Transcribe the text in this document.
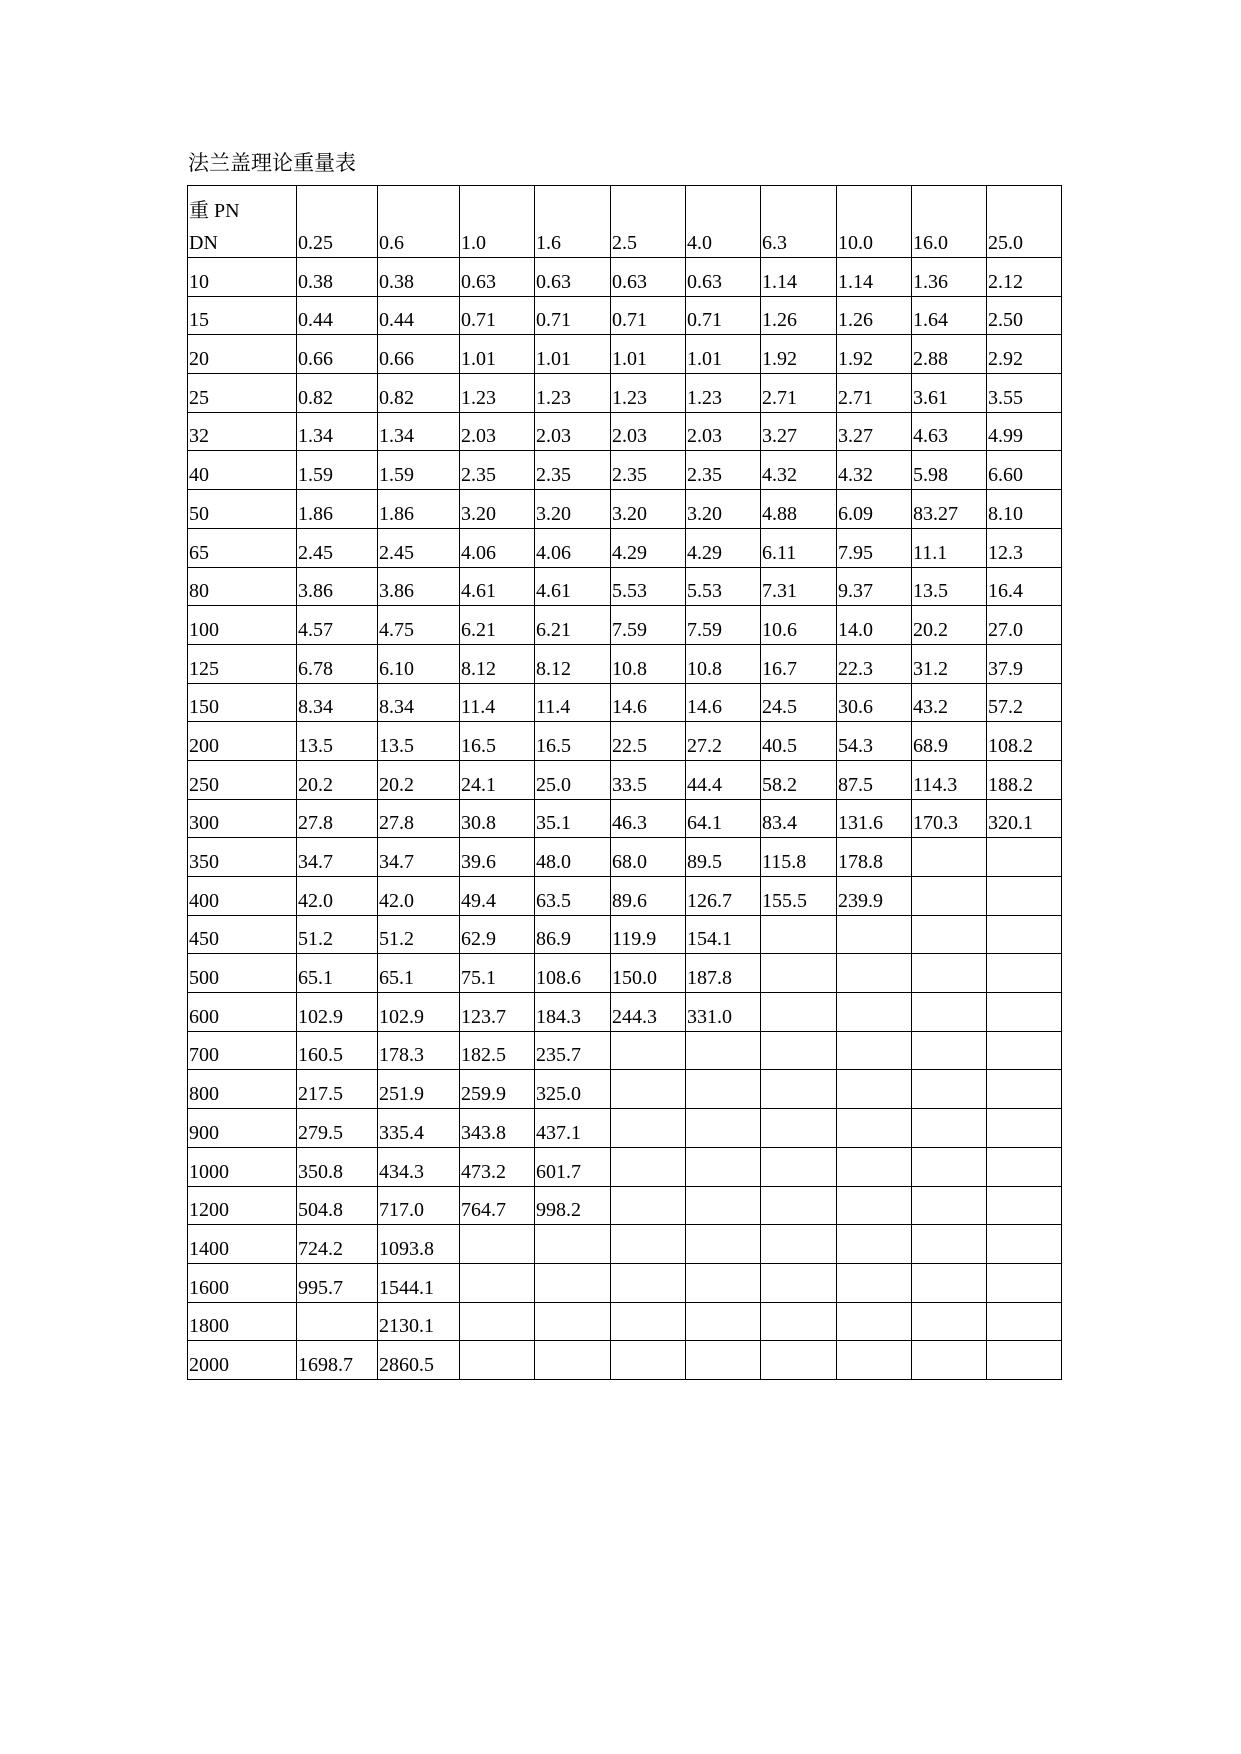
法兰盖理论重量表
重 PN
DN	0.25	0.6	1.0	1.6	2.5	4.0	6.3	10.0	16.0	25.0
10	0.38	0.38	0.63	0.63	0.63	0.63	1.14	1.14	1.36	2.12
15	0.44	0.44	0.71	0.71	0.71	0.71	1.26	1.26	1.64	2.50
20	0.66	0.66	1.01	1.01	1.01	1.01	1.92	1.92	2.88	2.92
25	0.82	0.82	1.23	1.23	1.23	1.23	2.71	2.71	3.61	3.55
32	1.34	1.34	2.03	2.03	2.03	2.03	3.27	3.27	4.63	4.99
40	1.59	1.59	2.35	2.35	2.35	2.35	4.32	4.32	5.98	6.60
50	1.86	1.86	3.20	3.20	3.20	3.20	4.88	6.09	83.27	8.10
65	2.45	2.45	4.06	4.06	4.29	4.29	6.11	7.95	11.1	12.3
80	3.86	3.86	4.61	4.61	5.53	5.53	7.31	9.37	13.5	16.4
100	4.57	4.75	6.21	6.21	7.59	7.59	10.6	14.0	20.2	27.0
125	6.78	6.10	8.12	8.12	10.8	10.8	16.7	22.3	31.2	37.9
150	8.34	8.34	11.4	11.4	14.6	14.6	24.5	30.6	43.2	57.2
200	13.5	13.5	16.5	16.5	22.5	27.2	40.5	54.3	68.9	108.2
250	20.2	20.2	24.1	25.0	33.5	44.4	58.2	87.5	114.3	188.2
300	27.8	27.8	30.8	35.1	46.3	64.1	83.4	131.6	170.3	320.1
350	34.7	34.7	39.6	48.0	68.0	89.5	115.8	178.8		
400	42.0	42.0	49.4	63.5	89.6	126.7	155.5	239.9		
450	51.2	51.2	62.9	86.9	119.9	154.1				
500	65.1	65.1	75.1	108.6	150.0	187.8				
600	102.9	102.9	123.7	184.3	244.3	331.0				
700	160.5	178.3	182.5	235.7						
800	217.5	251.9	259.9	325.0						
900	279.5	335.4	343.8	437.1						
1000	350.8	434.3	473.2	601.7						
1200	504.8	717.0	764.7	998.2						
1400	724.2	1093.8								
1600	995.7	1544.1								
1800		2130.1								
2000	1698.7	2860.5								
